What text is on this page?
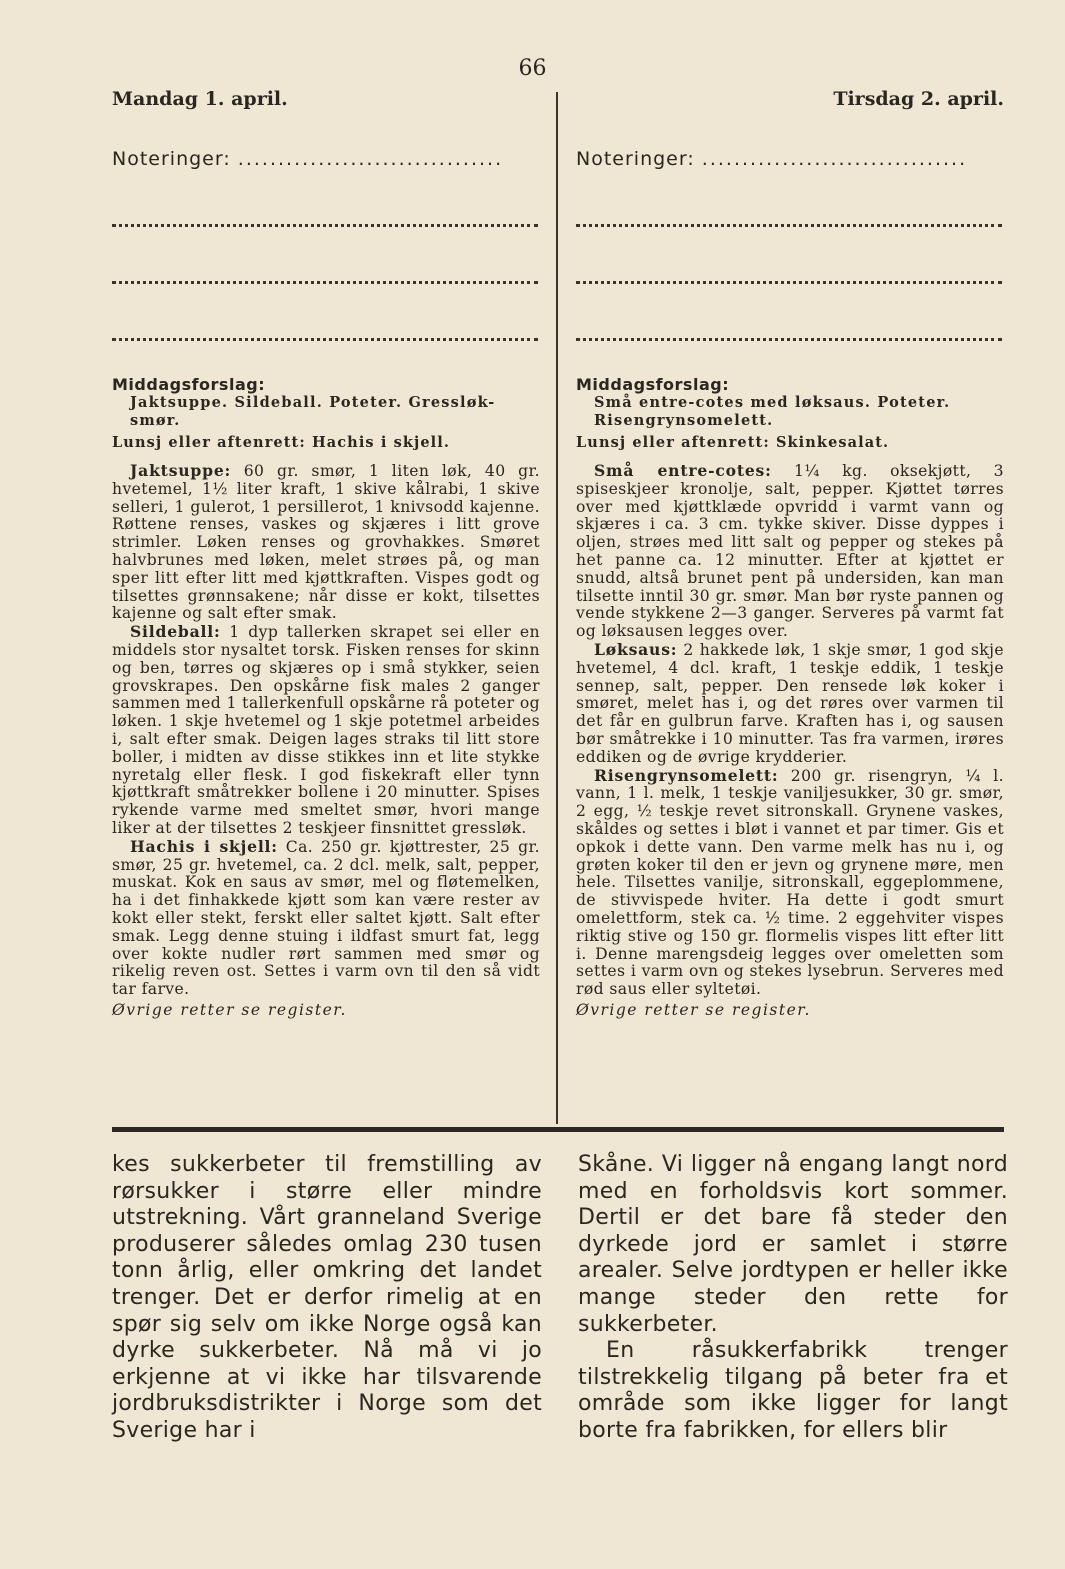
66
Mandag 1. april.
Noteringer: .................................
Middagsforslag:
Jaktsuppe. Sildeball. Poteter. Gressløk-smør.
Lunsj eller aftenrett: Hachis i skjell.

Jaktsuppe: 60 gr. smør, 1 liten løk, 40 gr. hvetemel, 1½ liter kraft, 1 skive kålrabi, 1 skive selleri, 1 gulerot, 1 persillerot, 1 knivsodd kajenne. Røttene renses, vaskes og skjæres i litt grove strimler. Løken renses og grovhakkes. Smøret halvbrunes med løken, melet strøes på, og man sper litt efter litt med kjøttkraften. Vispes godt og tilsettes grønnsakene; når disse er kokt, tilsettes kajenne og salt efter smak.

Sildeball: 1 dyp tallerken skrapet sei eller en middels stor nysaltet torsk. Fisken renses for skinn og ben, tørres og skjæres op i små stykker, seien grovskrapes. Den opskårne fisk males 2 ganger sammen med 1 tallerkenfull opskårne rå poteter og løken. 1 skje hvetemel og 1 skje potetmel arbeides i, salt efter smak. Deigen lages straks til litt store boller, i midten av disse stikkes inn et lite stykke nyretalg eller flesk. I god fiskekraft eller tynn kjøttkraft småtrekker bollene i 20 minutter. Spises rykende varme med smeltet smør, hvori mange liker at der tilsettes 2 teskjeer finsnittet gressløk.

Hachis i skjell: Ca. 250 gr. kjøttrester, 25 gr. smør, 25 gr. hvetemel, ca. 2 dcl. melk, salt, pepper, muskat. Kok en saus av smør, mel og fløtemelken, ha i det finhakkede kjøtt som kan være rester av kokt eller stekt, ferskt eller saltet kjøtt. Salt efter smak. Legg denne stuing i ildfast smurt fat, legg over kokte nudler rørt sammen med smør og rikelig reven ost. Settes i varm ovn til den så vidt tar farve.

Øvrige retter se register.
Tirsdag 2. april.
Noteringer: .................................
Middagsforslag:
Små entre-cotes med løksaus. Poteter. Risengrynsomelett.
Lunsj eller aftenrett: Skinkesalat.

Små entre-cotes: 1¼ kg. oksekjøtt, 3 spiseskjeer kronolje, salt, pepper. Kjøttet tørres over med kjøttklæde opvridd i varmt vann og skjæres i ca. 3 cm. tykke skiver. Disse dyppes i oljen, strøes med litt salt og pepper og stekes på het panne ca. 12 minutter. Efter at kjøttet er snudd, altså brunet pent på undersiden, kan man tilsette inntil 30 gr. smør. Man bør ryste pannen og vende stykkene 2—3 ganger. Serveres på varmt fat og løksausen legges over.

Løksaus: 2 hakkede løk, 1 skje smør, 1 god skje hvetemel, 4 dcl. kraft, 1 teskje eddik, 1 teskje sennep, salt, pepper. Den rensede løk koker i smøret, melet has i, og det røres over varmen til det får en gulbrun farve. Kraften has i, og sausen bør småtrekke i 10 minutter. Tas fra varmen, irøres eddiken og de øvrige krydderier.

Risengrynsomelett: 200 gr. risengryn, ¼ l. vann, 1 l. melk, 1 teskje vaniljesukker, 30 gr. smør, 2 egg, ½ teskje revet sitronskall. Grynene vaskes, skåldes og settes i bløt i vannet et par timer. Gis et opkok i dette vann. Den varme melk has nu i, og grøten koker til den er jevn og grynene møre, men hele. Tilsettes vanilje, sitronskall, eggeplommene, de stivvispede hviter. Ha dette i godt smurt omelettform, stek ca. ½ time. 2 eggehviter vispes riktig stive og 150 gr. flormelis vispes litt efter litt i. Denne marengsdeig legges over omeletten som settes i varm ovn og stekes lysebrun. Serveres med rød saus eller syltetøi.

Øvrige retter se register.

kes sukkerbeter til fremstilling av rørsukker i større eller mindre utstrekning. Vårt granneland Sverige produserer således omlag 230 tusen tonn årlig, eller omkring det landet trenger. Det er derfor rimelig at en spør sig selv om ikke Norge også kan dyrke sukkerbeter. Nå må vi jo erkjenne at vi ikke har tilsvarende jordbruksdistrikter i Norge som det Sverige har i

Skåne. Vi ligger nå engang langt nord med en forholdsvis kort sommer. Dertil er det bare få steder den dyrkede jord er samlet i større arealer. Selve jordtypen er heller ikke mange steder den rette for sukkerbeter.

En råsukkerfabrikk trenger tilstrekkelig tilgang på beter fra et område som ikke ligger for langt borte fra fabrikken, for ellers blir
